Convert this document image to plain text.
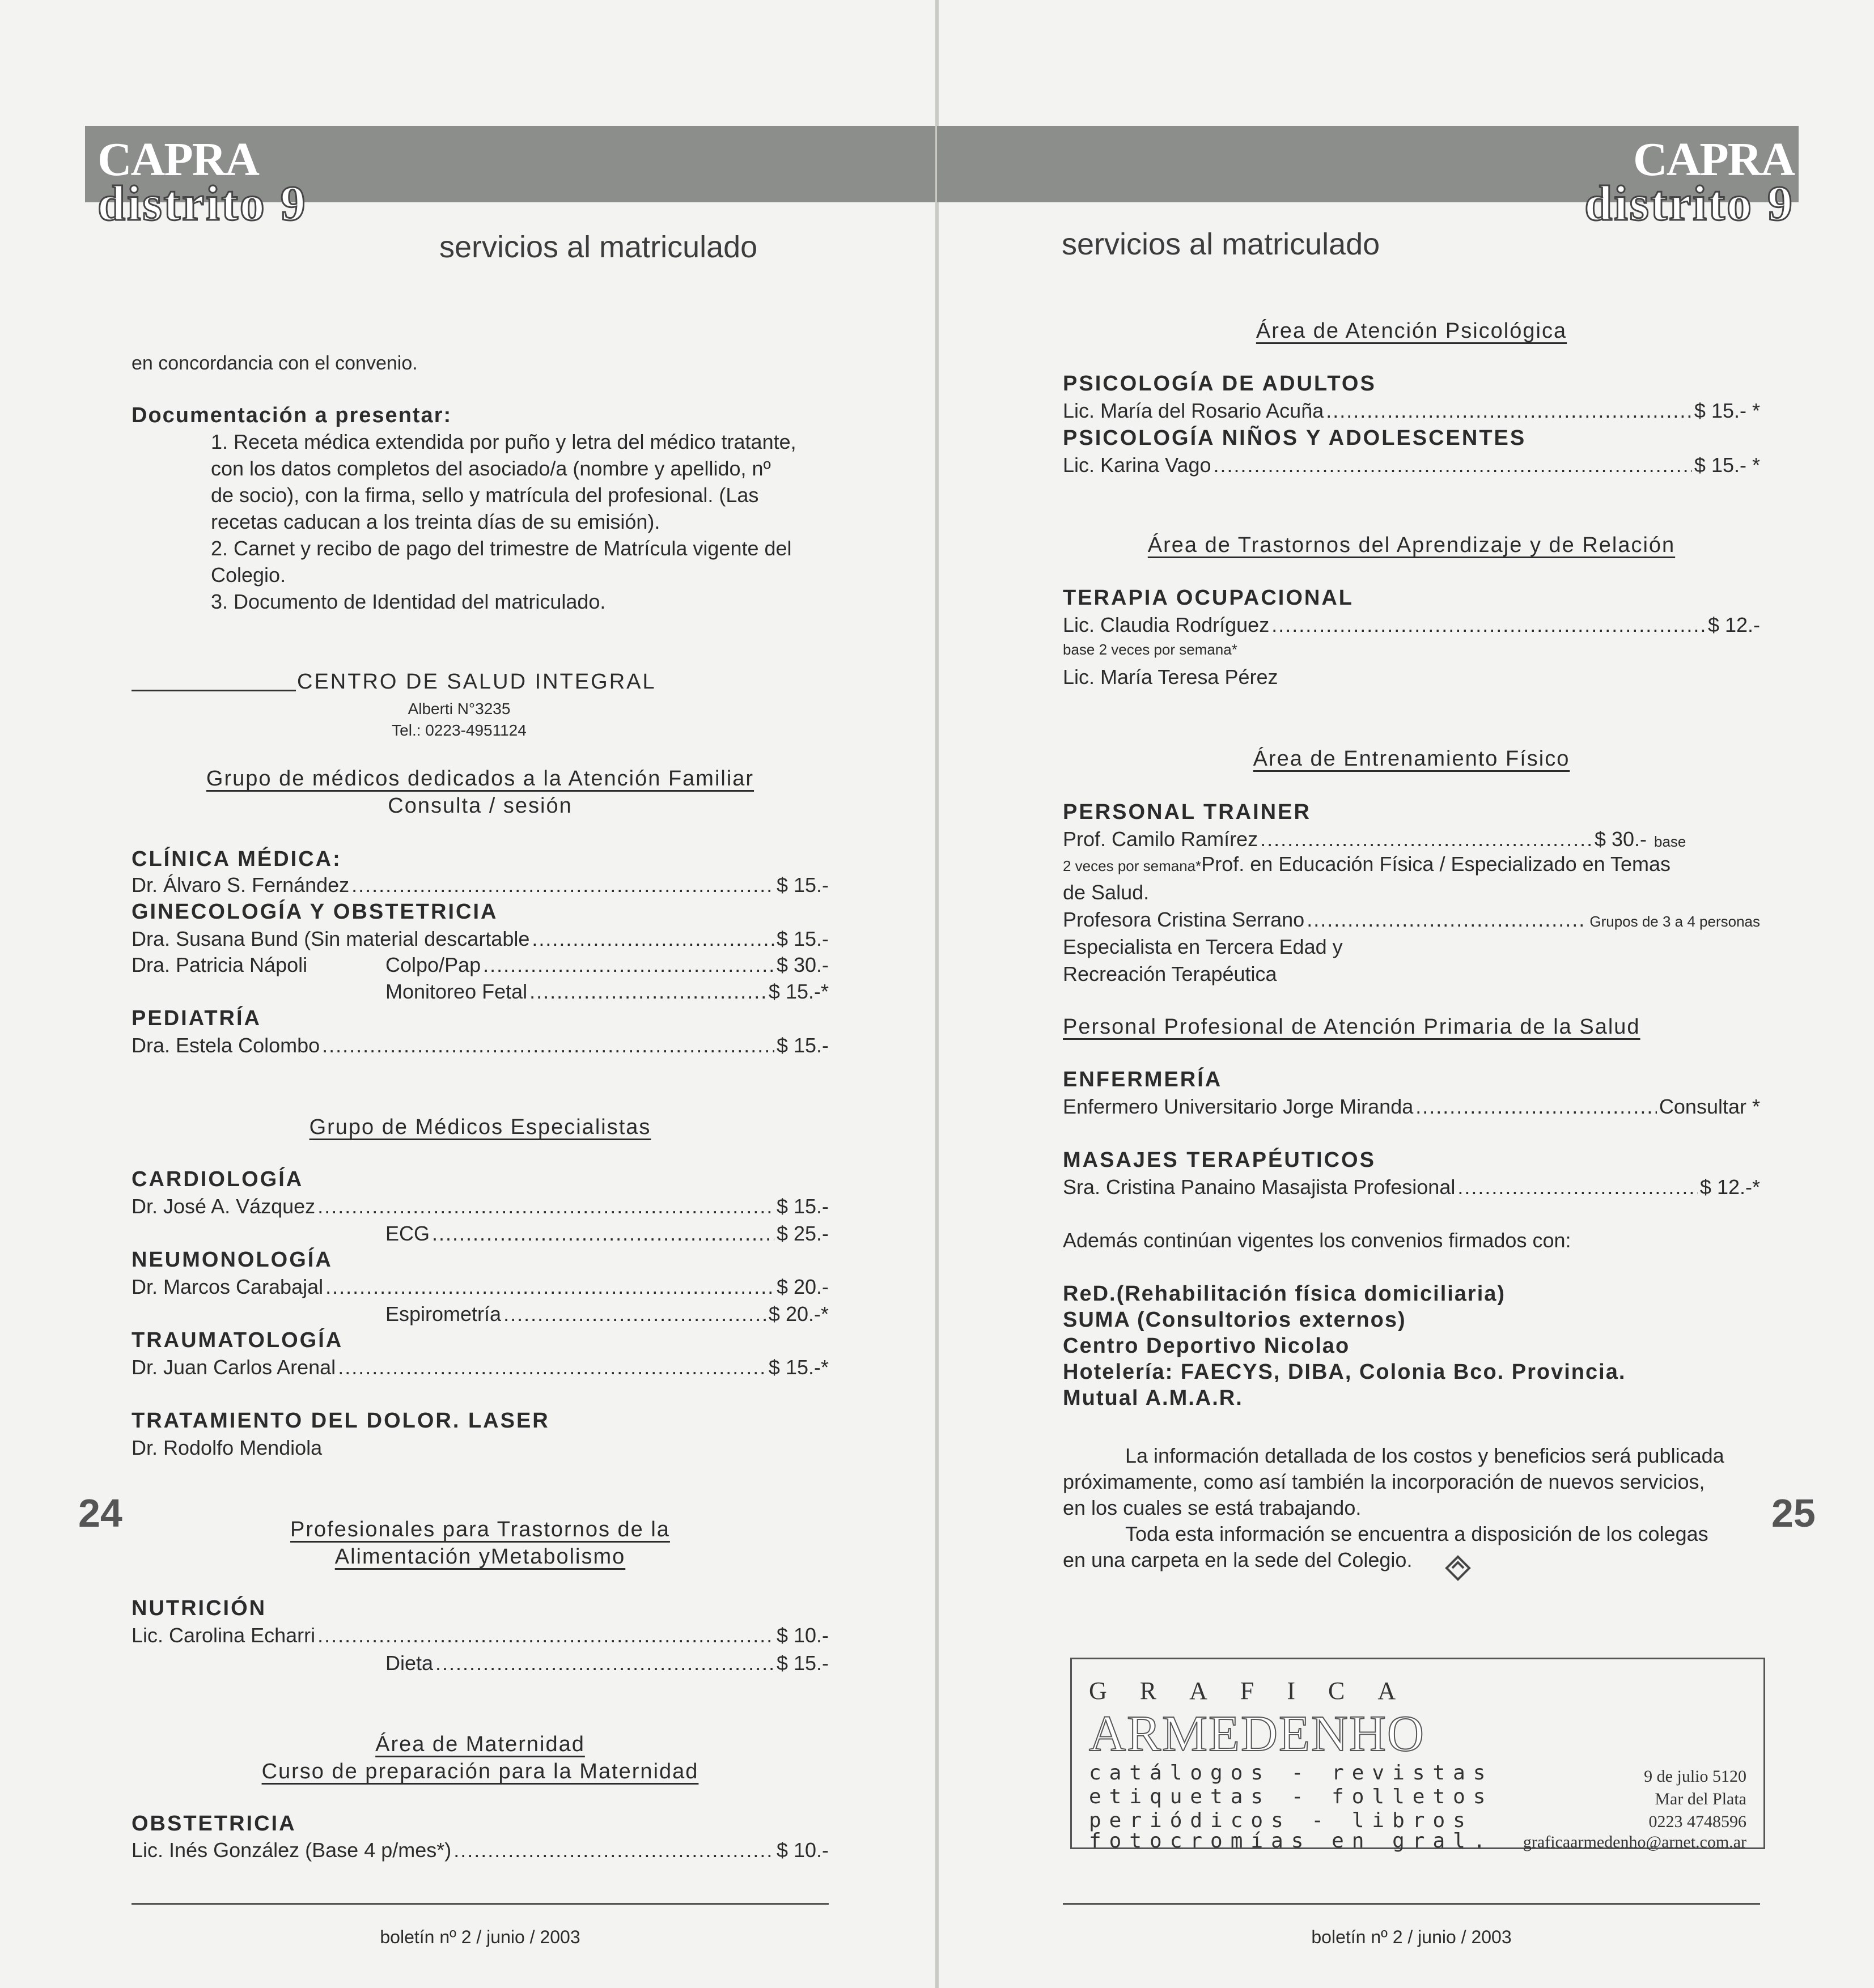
CAPRA
distrito 9
servicios al matriculado
en concordancia con el convenio.
Documentación a presentar:
1. Receta médica extendida por puño y letra del médico tratante,
con los datos completos del asociado/a (nombre y apellido, nº
de socio), con la firma, sello y matrícula del profesional. (Las
recetas caducan a los treinta días de su emisión).
2. Carnet y recibo de pago del trimestre de Matrícula vigente del
Colegio.
3. Documento de Identidad del matriculado.
CENTRO DE SALUD INTEGRAL
Alberti N°3235
Tel.: 0223-4951124
Grupo de médicos dedicados a la Atención Familiar
Consulta / sesión
CLÍNICA MÉDICA:
Dr. Álvaro S. Fernández .....	$ 15.-
GINECOLOGÍA Y OBSTETRICIA
Dra. Susana Bund (Sin material descartable .....	$ 15.-
Dra. Patricia Nápoli	Colpo/Pap .....	$ 30.-
Monitoreo Fetal .....	$ 15.-*
PEDIATRÍA
Dra. Estela Colombo .....	$ 15.-
Grupo de Médicos Especialistas
CARDIOLOGÍA
Dr. José A. Vázquez .....	$ 15.-
ECG .....	$ 25.-
NEUMONOLOGÍA
Dr. Marcos Carabajal .....	$ 20.-
Espirometría .....	$ 20.-*
TRAUMATOLOGÍA
Dr. Juan Carlos Arenal .....	$ 15.-*
TRATAMIENTO DEL DOLOR. LASER
Dr. Rodolfo Mendiola
24	Profesionales para Trastornos de la
Alimentación yMetabolismo
NUTRICIÓN
Lic. Carolina Echarri .....	$ 10.-
Dieta .....	$ 15.-
Área de Maternidad
Curso de preparación para la Maternidad
OBSTETRICIA
Lic. Inés González (Base 4 p/mes*) .....	$ 10.-
boletín nº 2 / junio / 2003
CAPRA
distrito 9
servicios al matriculado
Área de Atención Psicológica
PSICOLOGÍA DE ADULTOS
Lic. María del Rosario Acuña .....	$ 15.- *
PSICOLOGÍA NIÑOS Y ADOLESCENTES
Lic. Karina Vago .....	$ 15.- *
Área de Trastornos del Aprendizaje y de Relación
TERAPIA OCUPACIONAL
Lic. Claudia Rodríguez .....	$ 12.-
base 2 veces por semana*
Lic. María Teresa Pérez
Área de Entrenamiento Físico
PERSONAL TRAINER
Prof. Camilo Ramírez .....	$ 30.- base
2 veces por semana*Prof. en Educación Física / Especializado en Temas
de Salud.
Profesora Cristina Serrano .....	Grupos de 3 a 4 personas
Especialista en Tercera Edad y
Recreación Terapéutica
Personal Profesional de Atención Primaria de la Salud
ENFERMERÍA
Enfermero Universitario Jorge Miranda .....	Consultar *
MASAJES TERAPÉUTICOS
Sra. Cristina Panaino Masajista Profesional .....	$ 12.-*
Además continúan vigentes los convenios firmados con:
ReD.(Rehabilitación física domiciliaria)
SUMA (Consultorios externos)
Centro Deportivo Nicolao
Hotelería: FAECYS, DIBA, Colonia Bco. Provincia.
Mutual A.M.A.R.
La información detallada de los costos y beneficios será publicada
próximamente, como así también la incorporación de nuevos servicios,
en los cuales se está trabajando.
Toda esta información se encuentra a disposición de los colegas
en una carpeta en la sede del Colegio.
25
boletín nº 2 / junio / 2003
GRAFICA
ARMEDENHO
catálogos - revistas
etiquetas - folletos
periódicos - libros
fotocromías en gral.
9 de julio 5120
Mar del Plata
0223 4748596
graficaarmedenho@arnet.com.ar
